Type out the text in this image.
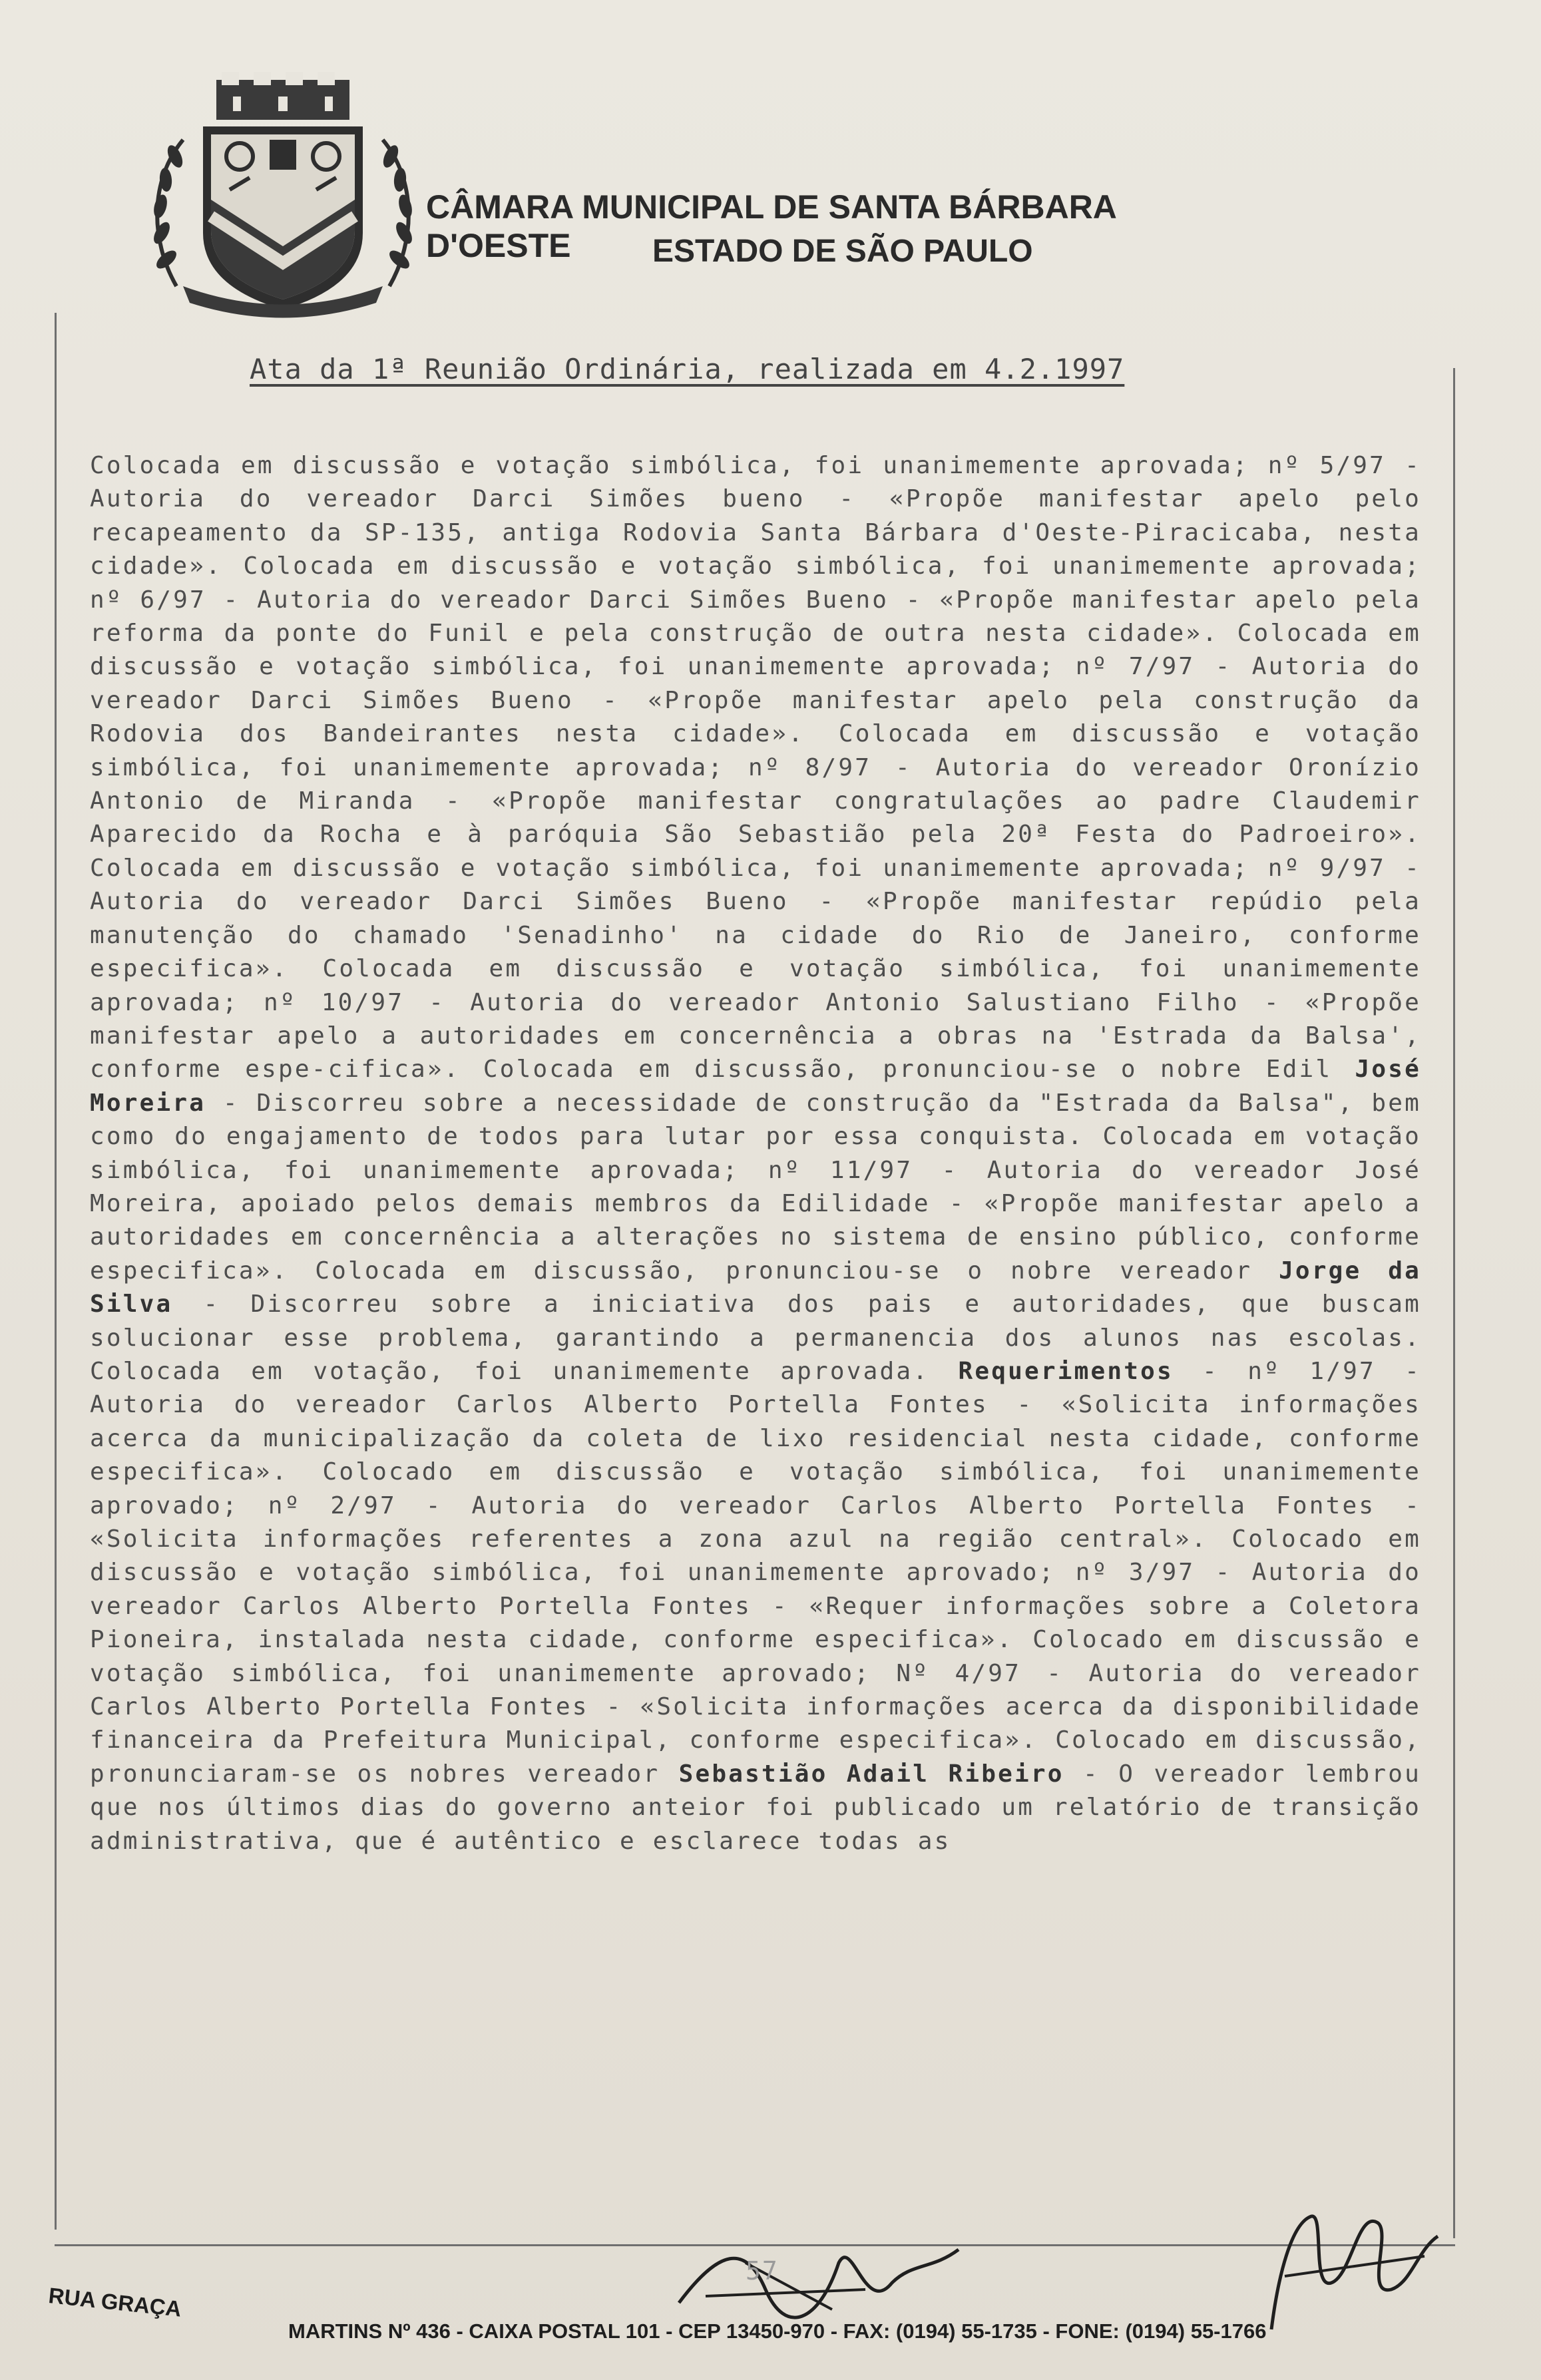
CÂMARA MUNICIPAL DE SANTA BÁRBARA D'OESTE	ESTADO DE SÃO PAULO
Ata da 1ª Reunião Ordinária, realizada em 4.2.1997
Colocada em discussão e votação simbólica, foi unanimemente aprovada; nº 5/97 - Autoria do vereador Darci Simões bueno - «Propõe manifestar apelo pelo recapeamento da SP-135, antiga Rodovia Santa Bárbara d'Oeste-Piracicaba, nesta cidade». Colocada em discussão e votação simbólica, foi unanimemente aprovada; nº 6/97 - Autoria do vereador Darci Simões Bueno - «Propõe manifestar apelo pela reforma da ponte do Funil e pela construção de outra nesta cidade». Colocada em discussão e votação simbólica, foi unanimemente aprovada; nº 7/97 - Autoria do vereador Darci Simões Bueno - «Propõe manifestar apelo pela construção da Rodovia dos Bandeirantes nesta cidade». Colocada em discussão e votação simbólica, foi unanimemente aprovada; nº 8/97 - Autoria do vereador Oronízio Antonio de Miranda - «Propõe manifestar congratulações ao padre Claudemir Aparecido da Rocha e à paróquia São Sebastião pela 20ª Festa do Padroeiro». Colocada em discussão e votação simbólica, foi unanimemente aprovada; nº 9/97 - Autoria do vereador Darci Simões Bueno - «Propõe manifestar repúdio pela manutenção do chamado 'Senadinho' na cidade do Rio de Janeiro, conforme especifica». Colocada em discussão e votação simbólica, foi unanimemente aprovada; nº 10/97 - Autoria do vereador Antonio Salustiano Filho - «Propõe manifestar apelo a autoridades em concernência a obras na 'Estrada da Balsa', conforme espe-cifica». Colocada em discussão, pronunciou-se o nobre Edil José Moreira - Discorreu sobre a necessidade de construção da "Estrada da Balsa", bem como do engajamento de todos para lutar por essa conquista. Colocada em votação simbólica, foi unanimemente aprovada; nº 11/97 - Autoria do vereador José Moreira, apoiado pelos demais membros da Edilidade - «Propõe manifestar apelo a autoridades em concernência a alterações no sistema de ensino público, conforme especifica». Colocada em discussão, pronunciou-se o nobre vereador Jorge da Silva - Discorreu sobre a iniciativa dos pais e autoridades, que buscam solucionar esse problema, garantindo a permanencia dos alunos nas escolas. Colocada em votação, foi unanimemente aprovada. Requerimentos - nº 1/97 - Autoria do vereador Carlos Alberto Portella Fontes - «Solicita informações acerca da municipalização da coleta de lixo residencial nesta cidade, conforme especifica». Colocado em discussão e votação simbólica, foi unanimemente aprovado; nº 2/97 - Autoria do vereador Carlos Alberto Portella Fontes - «Solicita informações referentes a zona azul na região central». Colocado em discussão e votação simbólica, foi unanimemente aprovado; nº 3/97 - Autoria do vereador Carlos Alberto Portella Fontes - «Requer informações sobre a Coletora Pioneira, instalada nesta cidade, conforme especifica». Colocado em discussão e votação simbólica, foi unanimemente aprovado; Nº 4/97 - Autoria do vereador Carlos Alberto Portella Fontes - «Solicita informações acerca da disponibilidade financeira da Prefeitura Municipal, conforme especifica». Colocado em discussão, pronunciaram-se os nobres vereador Sebastião Adail Ribeiro - O vereador lembrou que nos últimos dias do governo anteior foi publicado um relatório de transição administrativa, que é autêntico e esclarece todas as
57
RUA GRAÇA
MARTINS Nº 436 - CAIXA POSTAL 101 - CEP 13450-970 - FAX: (0194) 55-1735 - FONE: (0194) 55-1766
